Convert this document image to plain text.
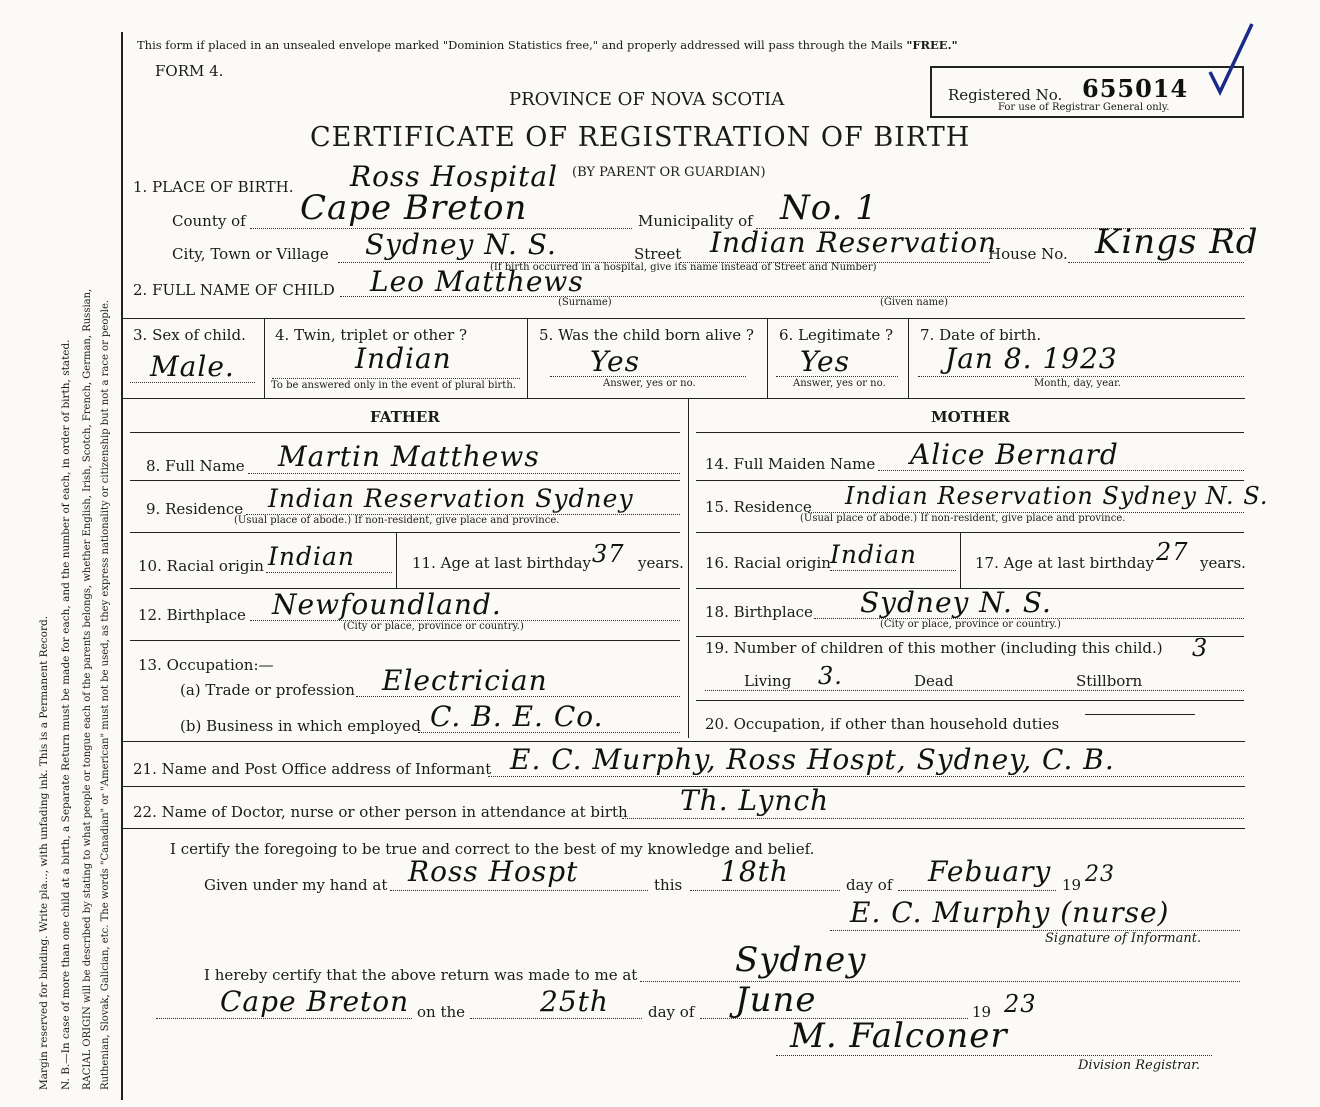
Margin reserved for binding. Write pla..., with unfading ink. This is a Permanent Record. N. B.—In case of more than one child at a birth, a Separate Return must be made for each, and the number of each, in order of birth, stated. RACIAL ORIGIN will be described by stating to what people or tongue each of the parents belongs, whether English, Irish, Scotch, French, German, Russian, Ruthenian, Slovak, Galician, etc. The words "Canadian" or "American" must not be used, as they express nationality or citizenship but not a race or people.
This form if placed in an unsealed envelope marked "Dominion Statistics free," and properly addressed will pass through the Mails "FREE."
FORM 4.
Registered No. 655014
For use of Registrar General only.
PROVINCE OF NOVA SCOTIA
CERTIFICATE OF REGISTRATION OF BIRTH
1. PLACE OF BIRTH. Ross Hospital (BY PARENT OR GUARDIAN)
County of Cape Breton	Municipality of No. 1
City, Town or Village Sydney N. S.	Street Indian Reservation
House No. Kings Rd
(If birth occurred in a hospital, give its name instead of Street and Number)
2. FULL NAME OF CHILD Leo Matthews
(Surname)	(Given name)
3. Sex of child.
Male.
4. Twin, triplet or other ?
Indian
To be answered only in the event of plural birth.
5. Was the child born alive ?
Yes
Answer, yes or no.
6. Legitimate ?
Yes
Answer, yes or no.
7. Date of birth.
Jan 8. 1923
Month, day, year.
FATHER	MOTHER
8. Full Name Martin Matthews
9. Residence Indian Reservation Sydney
(Usual place of abode.) If non-resident, give place and province.
10. Racial origin Indian	11. Age at last birthday 37 years.
12. Birthplace Newfoundland.
(City or place, province or country.)
13. Occupation:—
(a) Trade or profession Electrician
(b) Business in which employed C. B. E. Co.
14. Full Maiden Name Alice Bernard
15. Residence Indian Reservation Sydney N. S.
(Usual place of abode.) If non-resident, give place and province.
16. Racial origin Indian	17. Age at last birthday 27 years.
18. Birthplace Sydney N. S.
(City or place, province or country.)
19. Number of children of this mother (including this child.) 3
Living 3.	Dead	Stillborn
20. Occupation, if other than household duties
21. Name and Post Office address of Informant E. C. Murphy, Ross Hospt, Sydney, C. B.
22. Name of Doctor, nurse or other person in attendance at birth Th. Lynch
I certify the foregoing to be true and correct to the best of my knowledge and belief.
Given under my hand at Ross Hospt	this 18th	day of Febuary 19 23
E. C. Murphy (nurse)
Signature of Informant.
I hereby certify that the above return was made to me at	Sydney
Cape Breton on the	25th	day of June	19 23
M. Falconer
Division Registrar.
